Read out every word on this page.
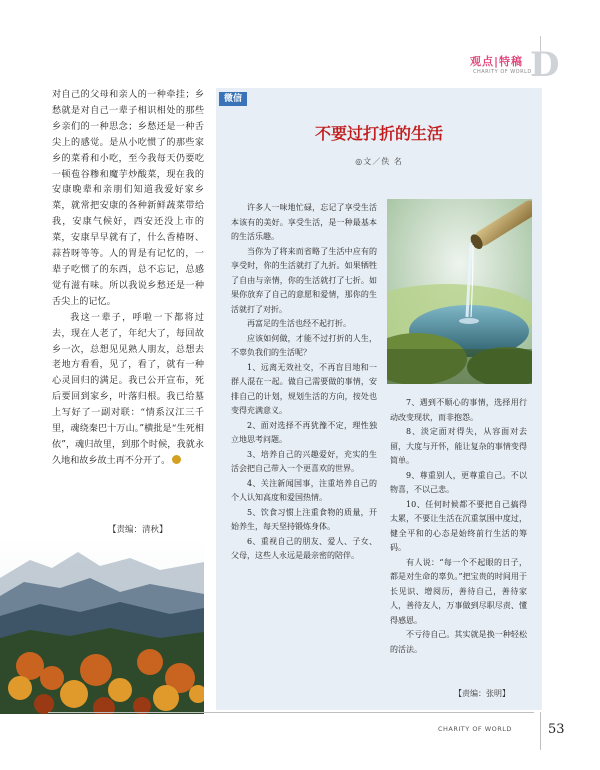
观点|特稿
CHARITY OF WORLD
D

对自己的父母和亲人的一种牵挂；乡愁就是对自己一辈子相识相处的那些乡亲们的一种思念；乡愁还是一种舌尖上的感觉。是从小吃惯了的那些家乡的菜肴和小吃，至今我每天仍要吃一顿苞谷糁和魔芋炒酸菜，现在我的安康晚辈和亲朋们知道我爱好家乡菜，就常把安康的各种新鲜蔬菜带给我，安康气候好，西安还没上市的菜，安康早早就有了，什么香椿呀、蒜苔呀等等。人的胃是有记忆的，一辈子吃惯了的东西，总不忘记，总感觉有滋有味。所以我说乡愁还是一种舌尖上的记忆。

我这一辈子，呼啦一下都将过去，现在人老了，年纪大了，每回故乡一次，总想见见熟人朋友，总想去老地方看看，见了，看了，就有一种心灵回归的满足。我已公开宣布，死后要回到家乡，叶落归根。我已给墓上写好了一副对联：“情系汉江三千里，魂绕秦巴十万山。”横批是“生死相依”，魂归故里，到那个时候，我就永久地和故乡故土再不分开了。

【责编：清秋】
微信
不要过打折的生活
◎文／佚 名

许多人一味地忙碌，忘记了享受生活本该有的美好。享受生活，是一种最基本的生活乐趣。

当你为了将来而省略了生活中应有的享受时，你的生活就打了九折。如果牺牲了自由与亲情，你的生活就打了七折。如果你放弃了自己的意愿和爱情，那你的生活就打了对折。

再富足的生活也经不起打折。

应该如何做，才能不过打折的人生，不辜负我们的生活呢？

1、远离无效社交，不再盲目地和一群人混在一起。做自己需要做的事情，安排自己的计划，规划生活的方向，按处也变得充满意义。

2、面对选择不再犹豫不定，理性独立地思考问题。

3、培养自己的兴趣爱好，充实的生活会把自己带入一个更喜欢的世界。

4、关注新闻国事，注重培养自己的个人认知高度和爱国热情。

5、饮食习惯上注重食物的质量，开始养生，每天坚持锻炼身体。

6、重视自己的朋友、爱人、子女、父母，这些人永远是最亲密的陪伴。

7、遇到不顺心的事情，选择用行动改变现状，而非抱怨。

8、淡定面对得失，从容面对去留，大度与开怀，能让复杂的事情变得简单。

9、尊重别人，更尊重自己。不以物喜，不以己悲。

10、任何时候都不要把自己搞得太累，不要让生活在沉重氛围中度过，健全平和的心态是始终前行生活的筹码。

有人说：“每一个不起眼的日子，都是对生命的辜负。”把宝贵的时间用于长见识、增阅历，善待自己，善待家人，善待友人，万事做到尽职尽责、懂得感恩。

不亏待自己。其实就是换一种轻松的活法。

【责编：张明】
CHARITY OF WORLD	53
